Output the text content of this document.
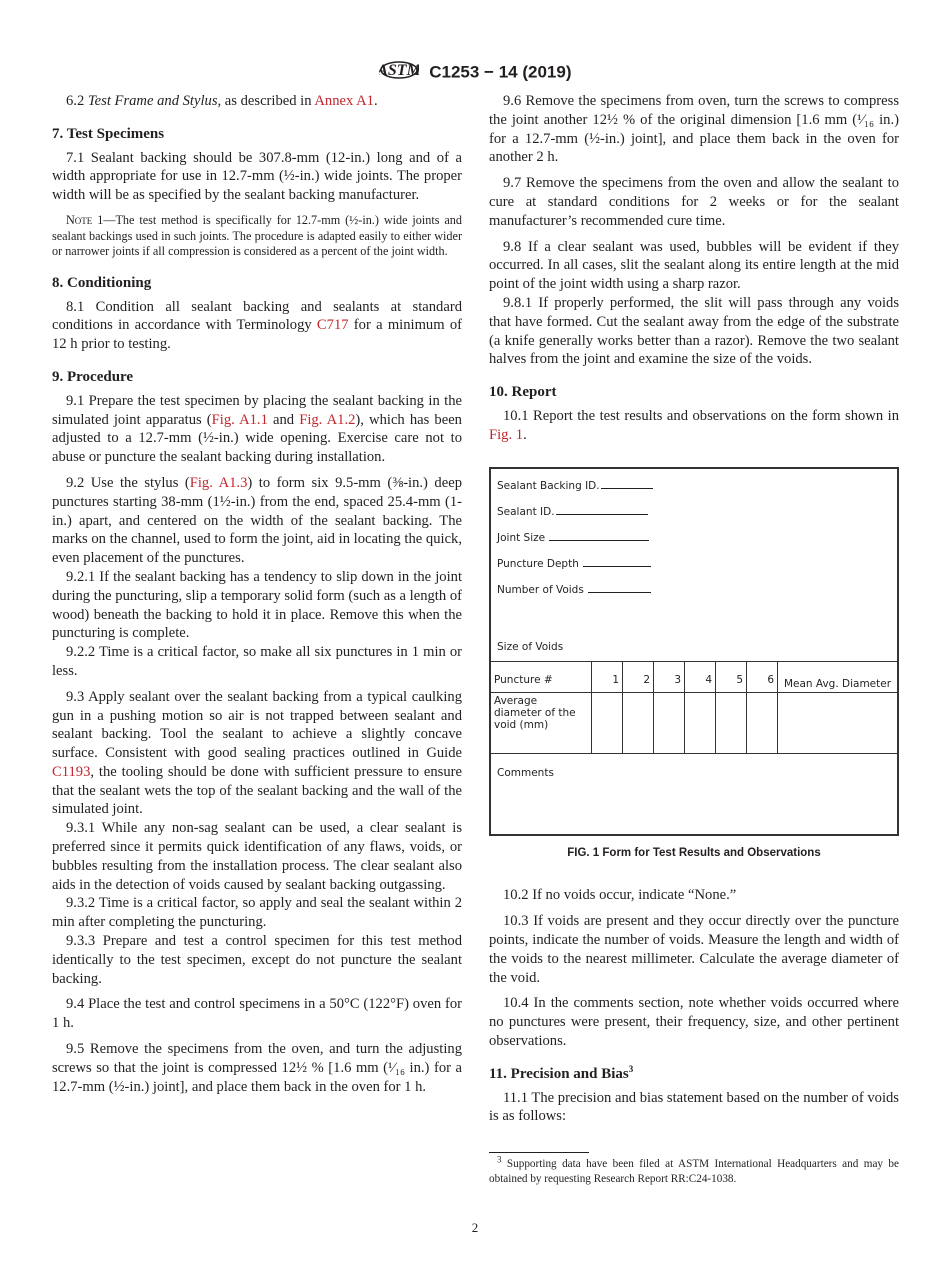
ASTM C1253 − 14 (2019)

6.2 Test Frame and Stylus, as described in Annex A1.

7. Test Specimens

7.1 Sealant backing should be 307.8-mm (12-in.) long and of a width appropriate for use in 12.7-mm (½-in.) wide joints. The proper width will be as specified by the sealant backing manufacturer.

Note 1—The test method is specifically for 12.7-mm (½-in.) wide joints and sealant backings used in such joints. The procedure is adapted easily to either wider or narrower joints if all compression is considered as a percent of the joint width.
8. Conditioning

8.1 Condition all sealant backing and sealants at standard conditions in accordance with Terminology C717 for a minimum of 12 h prior to testing.

9. Procedure

9.1 Prepare the test specimen by placing the sealant backing in the simulated joint apparatus (Fig. A1.1 and Fig. A1.2), which has been adjusted to a 12.7-mm (½-in.) wide opening. Exercise care not to abuse or puncture the sealant backing during installation.

9.2 Use the stylus (Fig. A1.3) to form six 9.5-mm (⅜-in.) deep punctures starting 38-mm (1½-in.) from the end, spaced 25.4-mm (1-in.) apart, and centered on the width of the sealant backing. The marks on the channel, used to form the joint, aid in locating the quick, even placement of the punctures.

9.2.1 If the sealant backing has a tendency to slip down in the joint during the puncturing, slip a temporary solid form (such as a length of wood) beneath the backing to hold it in place. Remove this when the puncturing is complete.

9.2.2 Time is a critical factor, so make all six punctures in 1 min or less.

9.3 Apply sealant over the sealant backing from a typical caulking gun in a pushing motion so air is not trapped between sealant and sealant backing. Tool the sealant to achieve a slightly concave surface. Consistent with good sealing practices outlined in Guide C1193, the tooling should be done with sufficient pressure to ensure that the sealant wets the top of the sealant backing and the wall of the simulated joint.

9.3.1 While any non-sag sealant can be used, a clear sealant is preferred since it permits quick identification of any flaws, voids, or bubbles resulting from the installation process. The clear sealant also aids in the detection of voids caused by sealant backing outgassing.

9.3.2 Time is a critical factor, so apply and seal the sealant within 2 min after completing the puncturing.

9.3.3 Prepare and test a control specimen for this test method identically to the test specimen, except do not puncture the sealant backing.

9.4 Place the test and control specimens in a 50°C (122°F) oven for 1 h.

9.5 Remove the specimens from the oven, and turn the adjusting screws so that the joint is compressed 12½ % [1.6 mm (¹⁄₁₆ in.) for a 12.7-mm (½-in.) joint], and place them back in the oven for 1 h.

9.6 Remove the specimens from oven, turn the screws to compress the joint another 12½ % of the original dimension [1.6 mm (¹⁄₁₆ in.) for a 12.7-mm (½-in.) joint], and place them back in the oven for another 2 h.

9.7 Remove the specimens from the oven and allow the sealant to cure at standard conditions for 2 weeks or for the sealant manufacturer’s recommended cure time.

9.8 If a clear sealant was used, bubbles will be evident if they occurred. In all cases, slit the sealant along its entire length at the mid point of the joint width using a sharp razor.

9.8.1 If properly performed, the slit will pass through any voids that have formed. Cut the sealant away from the edge of the substrate (a knife generally works better than a razor). Remove the two sealant halves from the joint and examine the size of the voids.

10. Report

10.1 Report the test results and observations on the form shown in Fig. 1.

Sealant Backing ID.
Sealant ID.
Joint Size
Puncture Depth
Number of Voids
Size of Voids
Puncture #	1	2	3	4	5	6	Mean Avg. Diameter
Average diameter of the void (mm)							
Comments
FIG. 1 Form for Test Results and Observations

10.2 If no voids occur, indicate “None.”

10.3 If voids are present and they occur directly over the puncture points, indicate the number of voids. Measure the length and width of the voids to the nearest millimeter. Calculate the average diameter of the void.

10.4 In the comments section, note whether voids occurred where no punctures were present, their frequency, size, and other pertinent observations.

11. Precision and Bias$^3$

11.1 The precision and bias statement based on the number of voids is as follows:

$^3$ Supporting data have been filed at ASTM International Headquarters and may be obtained by requesting Research Report RR:C24-1038.
2
